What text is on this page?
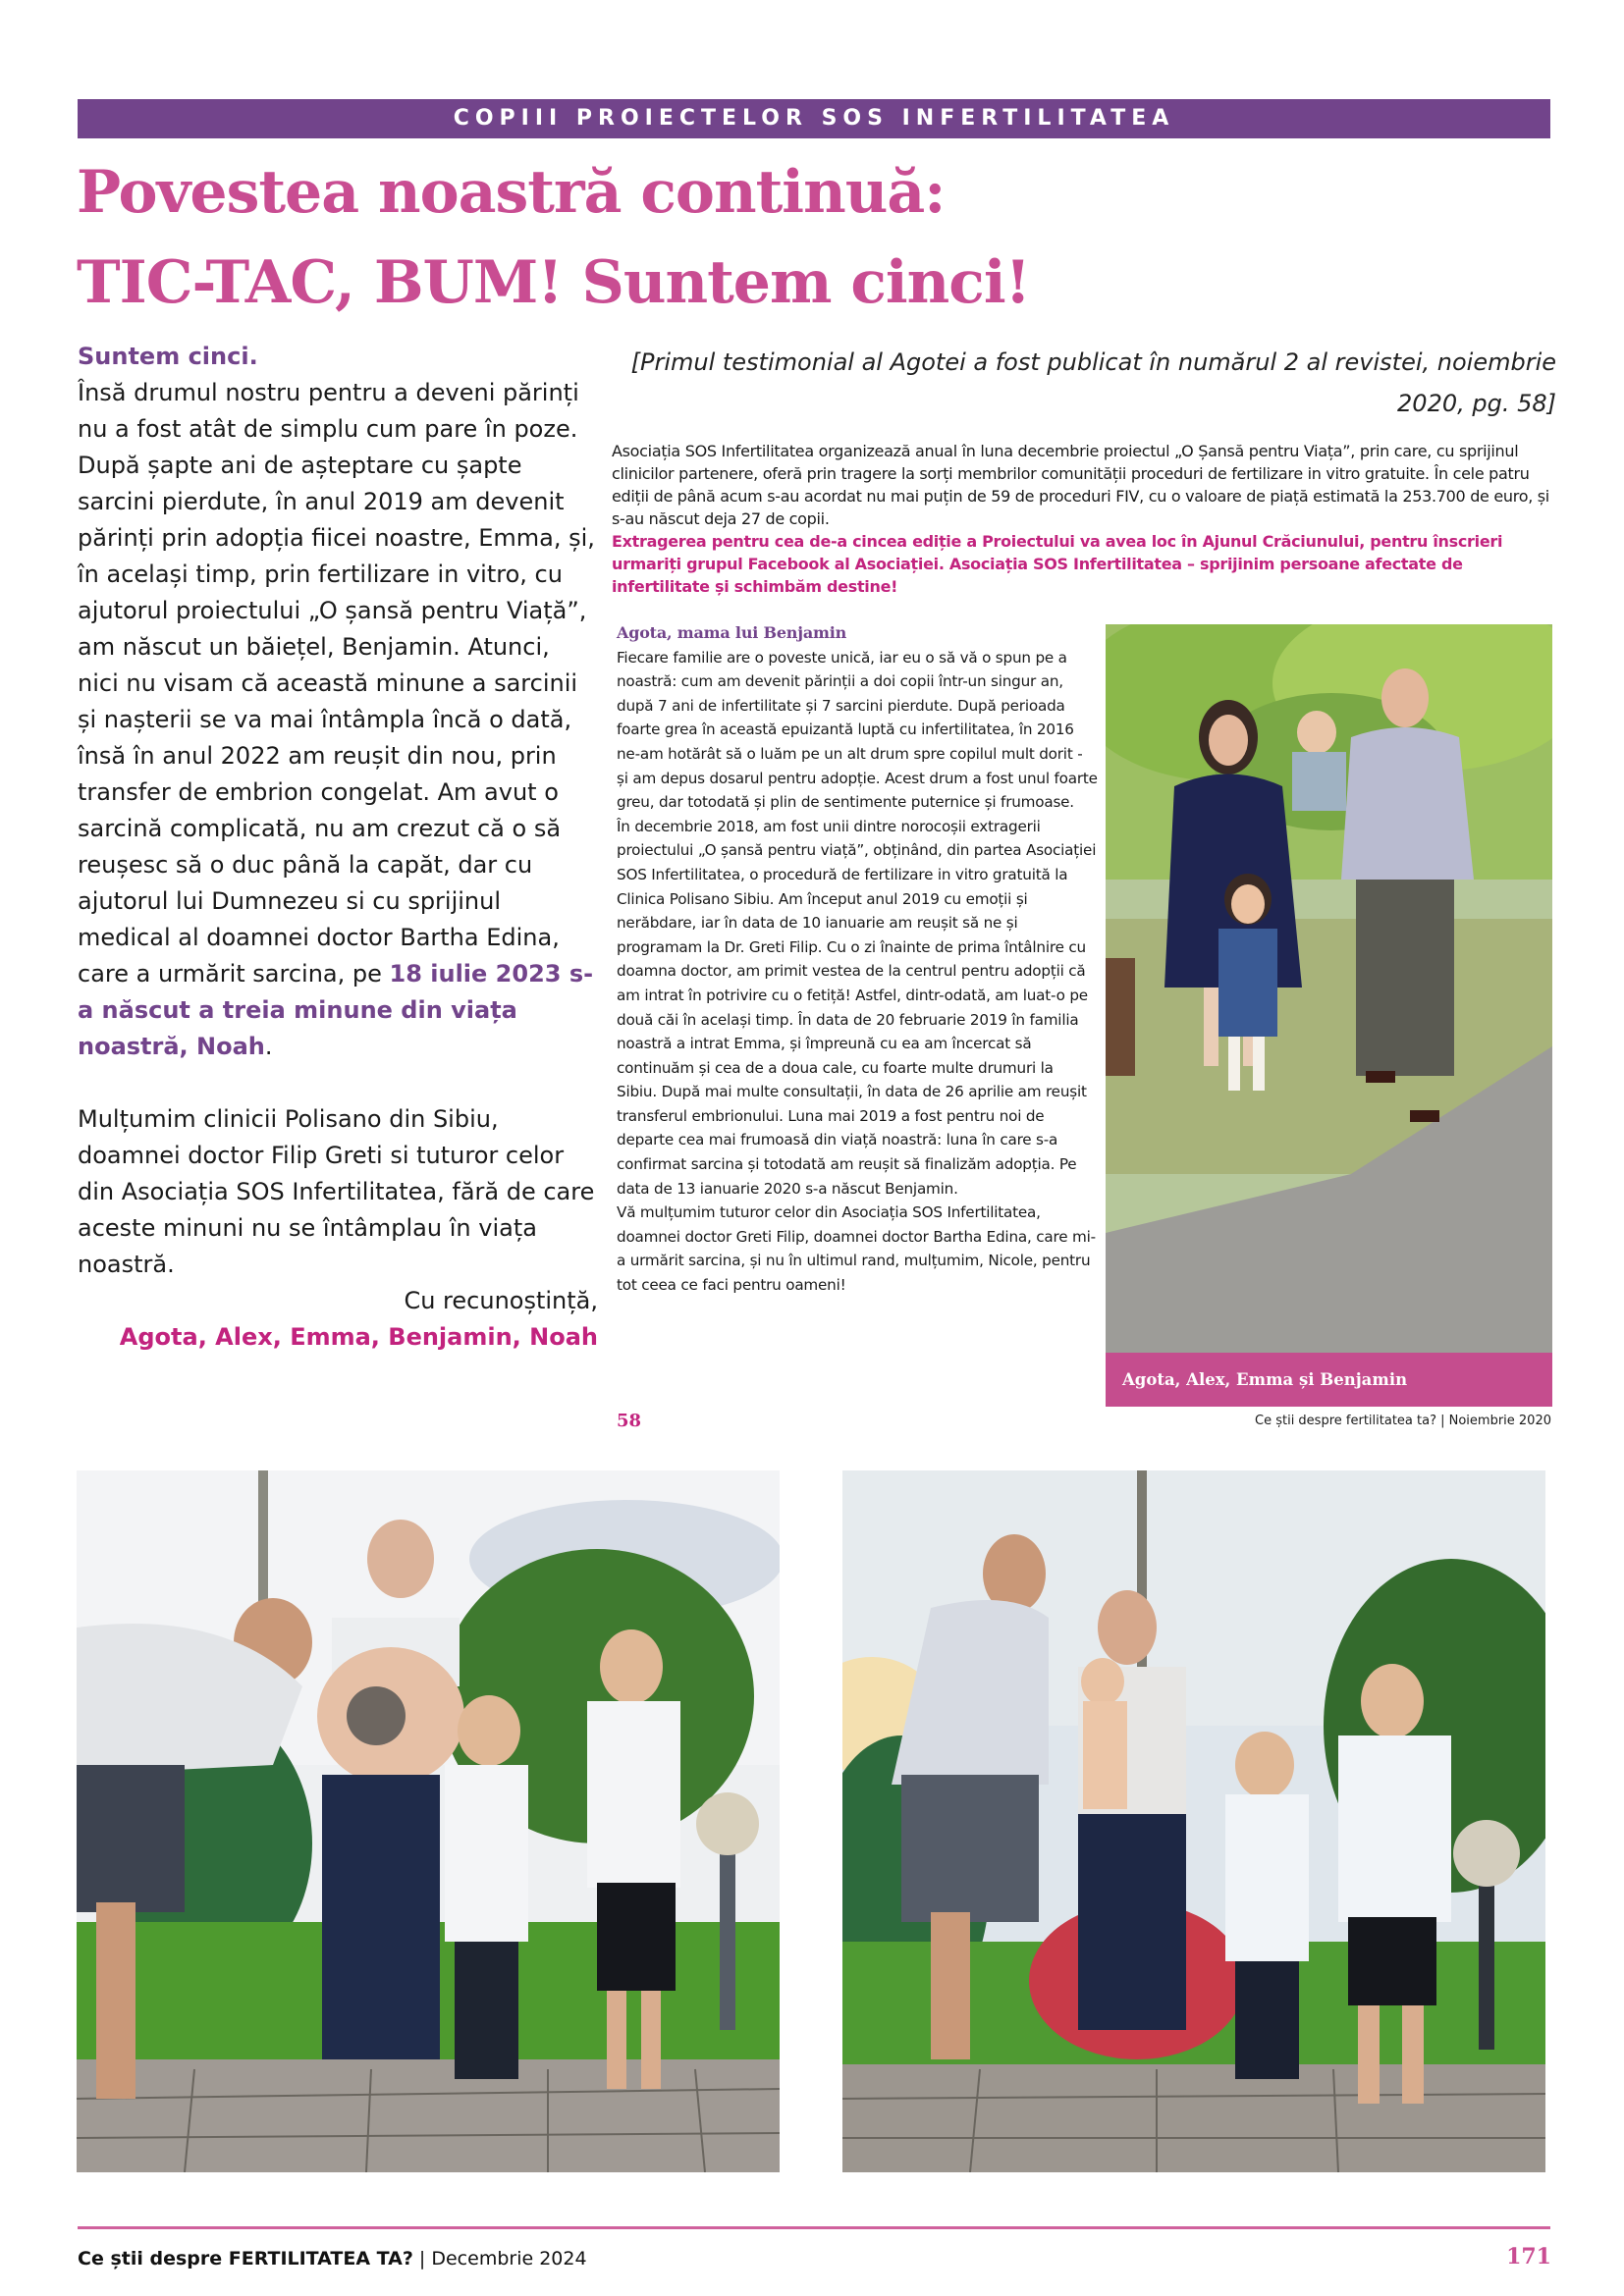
COPIII PROIECTELOR SOS INFERTILITATEA
Povestea noastră continuă:
TIC-TAC, BUM! Suntem cinci!

Suntem cinci.

Însă drumul nostru pentru a deveni părinți nu a fost atât de simplu cum pare în poze. După șapte ani de așteptare cu șapte sarcini pierdute, în anul 2019 am devenit părinți prin adopția fiicei noastre, Emma, și, în același timp, prin fertilizare in vitro, cu ajutorul proiectului „O șansă pentru Viață”, am născut un băiețel, Benjamin. Atunci, nici nu visam că această minune a sarcinii și nașterii se va mai întâmpla încă o dată, însă în anul 2022 am reușit din nou, prin transfer de embrion congelat. Am avut o sarcină complicată, nu am crezut că o să reușesc să o duc până la capăt, dar cu ajutorul lui Dumnezeu si cu sprijinul medical al doamnei doctor Bartha Edina, care a urmărit sarcina, pe 18 iulie 2023 s-a născut a treia minune din viața noastră, Noah.

Mulțumim clinicii Polisano din Sibiu, doamnei doctor Filip Greti si tuturor celor din Asociația SOS Infertilitatea, fără de care aceste minuni nu se întâmplau în viața noastră.

Cu recunoștință,

Agota, Alex, Emma, Benjamin, Noah

[Primul testimonial al Agotei a fost publicat în numărul 2 al revistei, noiembrie 2020, pg. 58]

Asociația SOS Infertilitatea organizează anual în luna decembrie proiectul „O Șansă pentru Viața”, prin care, cu sprijinul clinicilor partenere, oferă prin tragere la sorți membrilor comunității proceduri de fertilizare in vitro gratuite. În cele patru ediții de până acum s-au acordat nu mai puțin de 59 de proceduri FIV, cu o valoare de piață estimată la 253.700 de euro, și s-au născut deja 27 de copii.

Extragerea pentru cea de-a cincea ediție a Proiectului va avea loc în Ajunul Crăciunului, pentru înscrieri urmariți grupul Facebook al Asociației. Asociația SOS Infertilitatea – sprijinim persoane afectate de infertilitate și schimbăm destine!

Agota, mama lui Benjamin

Fiecare familie are o poveste unică, iar eu o să vă o spun pe a noastră: cum am devenit părinții a doi copii într-un singur an, după 7 ani de infertilitate și 7 sarcini pierdute. După perioada foarte grea în această epuizantă luptă cu infertilitatea, în 2016 ne-am hotărât să o luăm pe un alt drum spre copilul mult dorit - și am depus dosarul pentru adopție. Acest drum a fost unul foarte greu, dar totodată și plin de sentimente puternice și frumoase.

În decembrie 2018, am fost unii dintre norocoșii extragerii proiectului „O șansă pentru viață”, obținând, din partea Asociației SOS Infertilitatea, o procedură de fertilizare in vitro gratuită la Clinica Polisano Sibiu. Am început anul 2019 cu emoții și nerăbdare, iar în data de 10 ianuarie am reușit să ne și programam la Dr. Greti Filip. Cu o zi înainte de prima întâlnire cu doamna doctor, am primit vestea de la centrul pentru adopții că am intrat în potrivire cu o fetiță! Astfel, dintr-odată, am luat-o pe două căi în același timp. În data de 20 februarie 2019 în familia noastră a intrat Emma, și împreună cu ea am încercat să continuăm și cea de a doua cale, cu foarte multe drumuri la Sibiu. După mai multe consultații, în data de 26 aprilie am reușit transferul embrionului. Luna mai 2019 a fost pentru noi de departe cea mai frumoasă din viață noastră: luna în care s-a confirmat sarcina și totodată am reușit să finalizăm adopția. Pe data de 13 ianuarie 2020 s-a născut Benjamin.

Vă mulțumim tuturor celor din Asociația SOS Infertilitatea, doamnei doctor Greti Filip, doamnei doctor Bartha Edina, care mi-a urmărit sarcina, și nu în ultimul rand, mulțumim, Nicole, pentru tot ceea ce faci pentru oameni!

Agota, Alex, Emma și Benjamin
58	Ce știi despre fertilitatea ta? | Noiembrie 2020
Ce știi despre FERTILITATEA TA? | Decembrie 2024	171
